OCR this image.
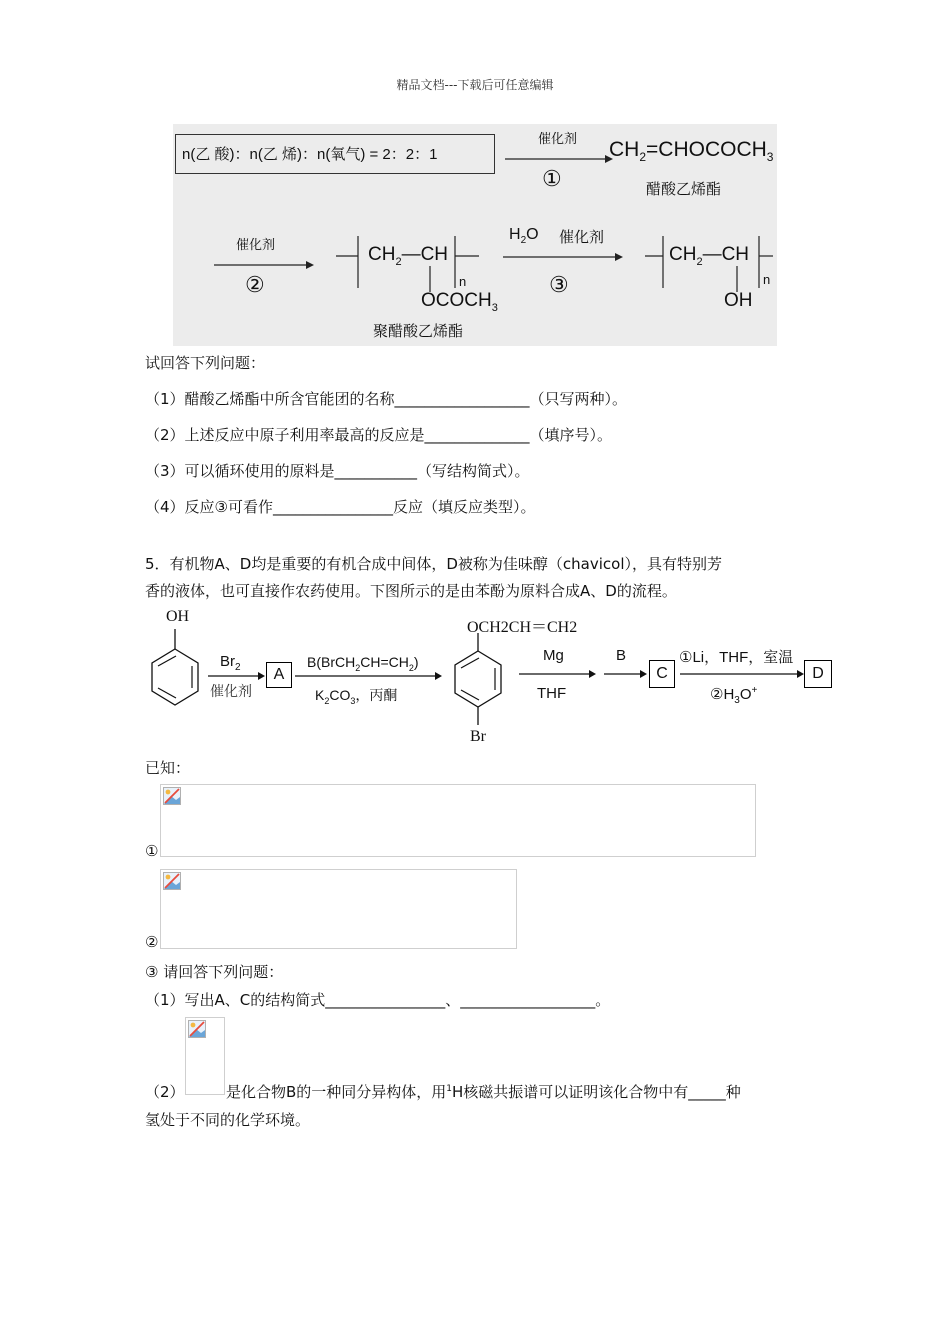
精品文档---下载后可任意编辑
n(乙 酸)：n(乙 烯)：n(氧气) = 2：2：1
催化剂
①
$CH_2=CHOCOCH_3$
醋酸乙烯酯
催化剂
②
$CH_2—CH$
n
$OCOCH_3$
聚醋酸乙烯酯
$H_2O$ 催化剂
③
$CH_2—CH$
n
OH
试回答下列问题：
（1）醋酸乙烯酯中所含官能团的名称__________________（只写两种）。
（2）上述反应中原子利用率最高的反应是______________（填序号）。
（3）可以循环使用的原料是___________（写结构简式）。
（4）反应③可看作________________反应（填反应类型）。
5．有机物A、D均是重要的有机合成中间体，D被称为佳味醇（chavicol），具有特别芳
香的液体，也可直接作农药使用。下图所示的是由苯酚为原料合成A、D的流程。
OH
$Br_2$
催化剂
A
$B(BrCH_2CH=CH_2)$
$K_2CO_3$，丙酮
OCH2CH＝CH2
Br
Mg
THF
B
C
①Li，THF，室温
$②H_3O^+$
D
已知：
①
②
③ 请回答下列问题：
（1）写出A、C的结构简式________________、__________________。
（2）	是化合物B的一种同分异构体，用$^1$H核磁共振谱可以证明该化合物中有_____种
氢处于不同的化学环境。
